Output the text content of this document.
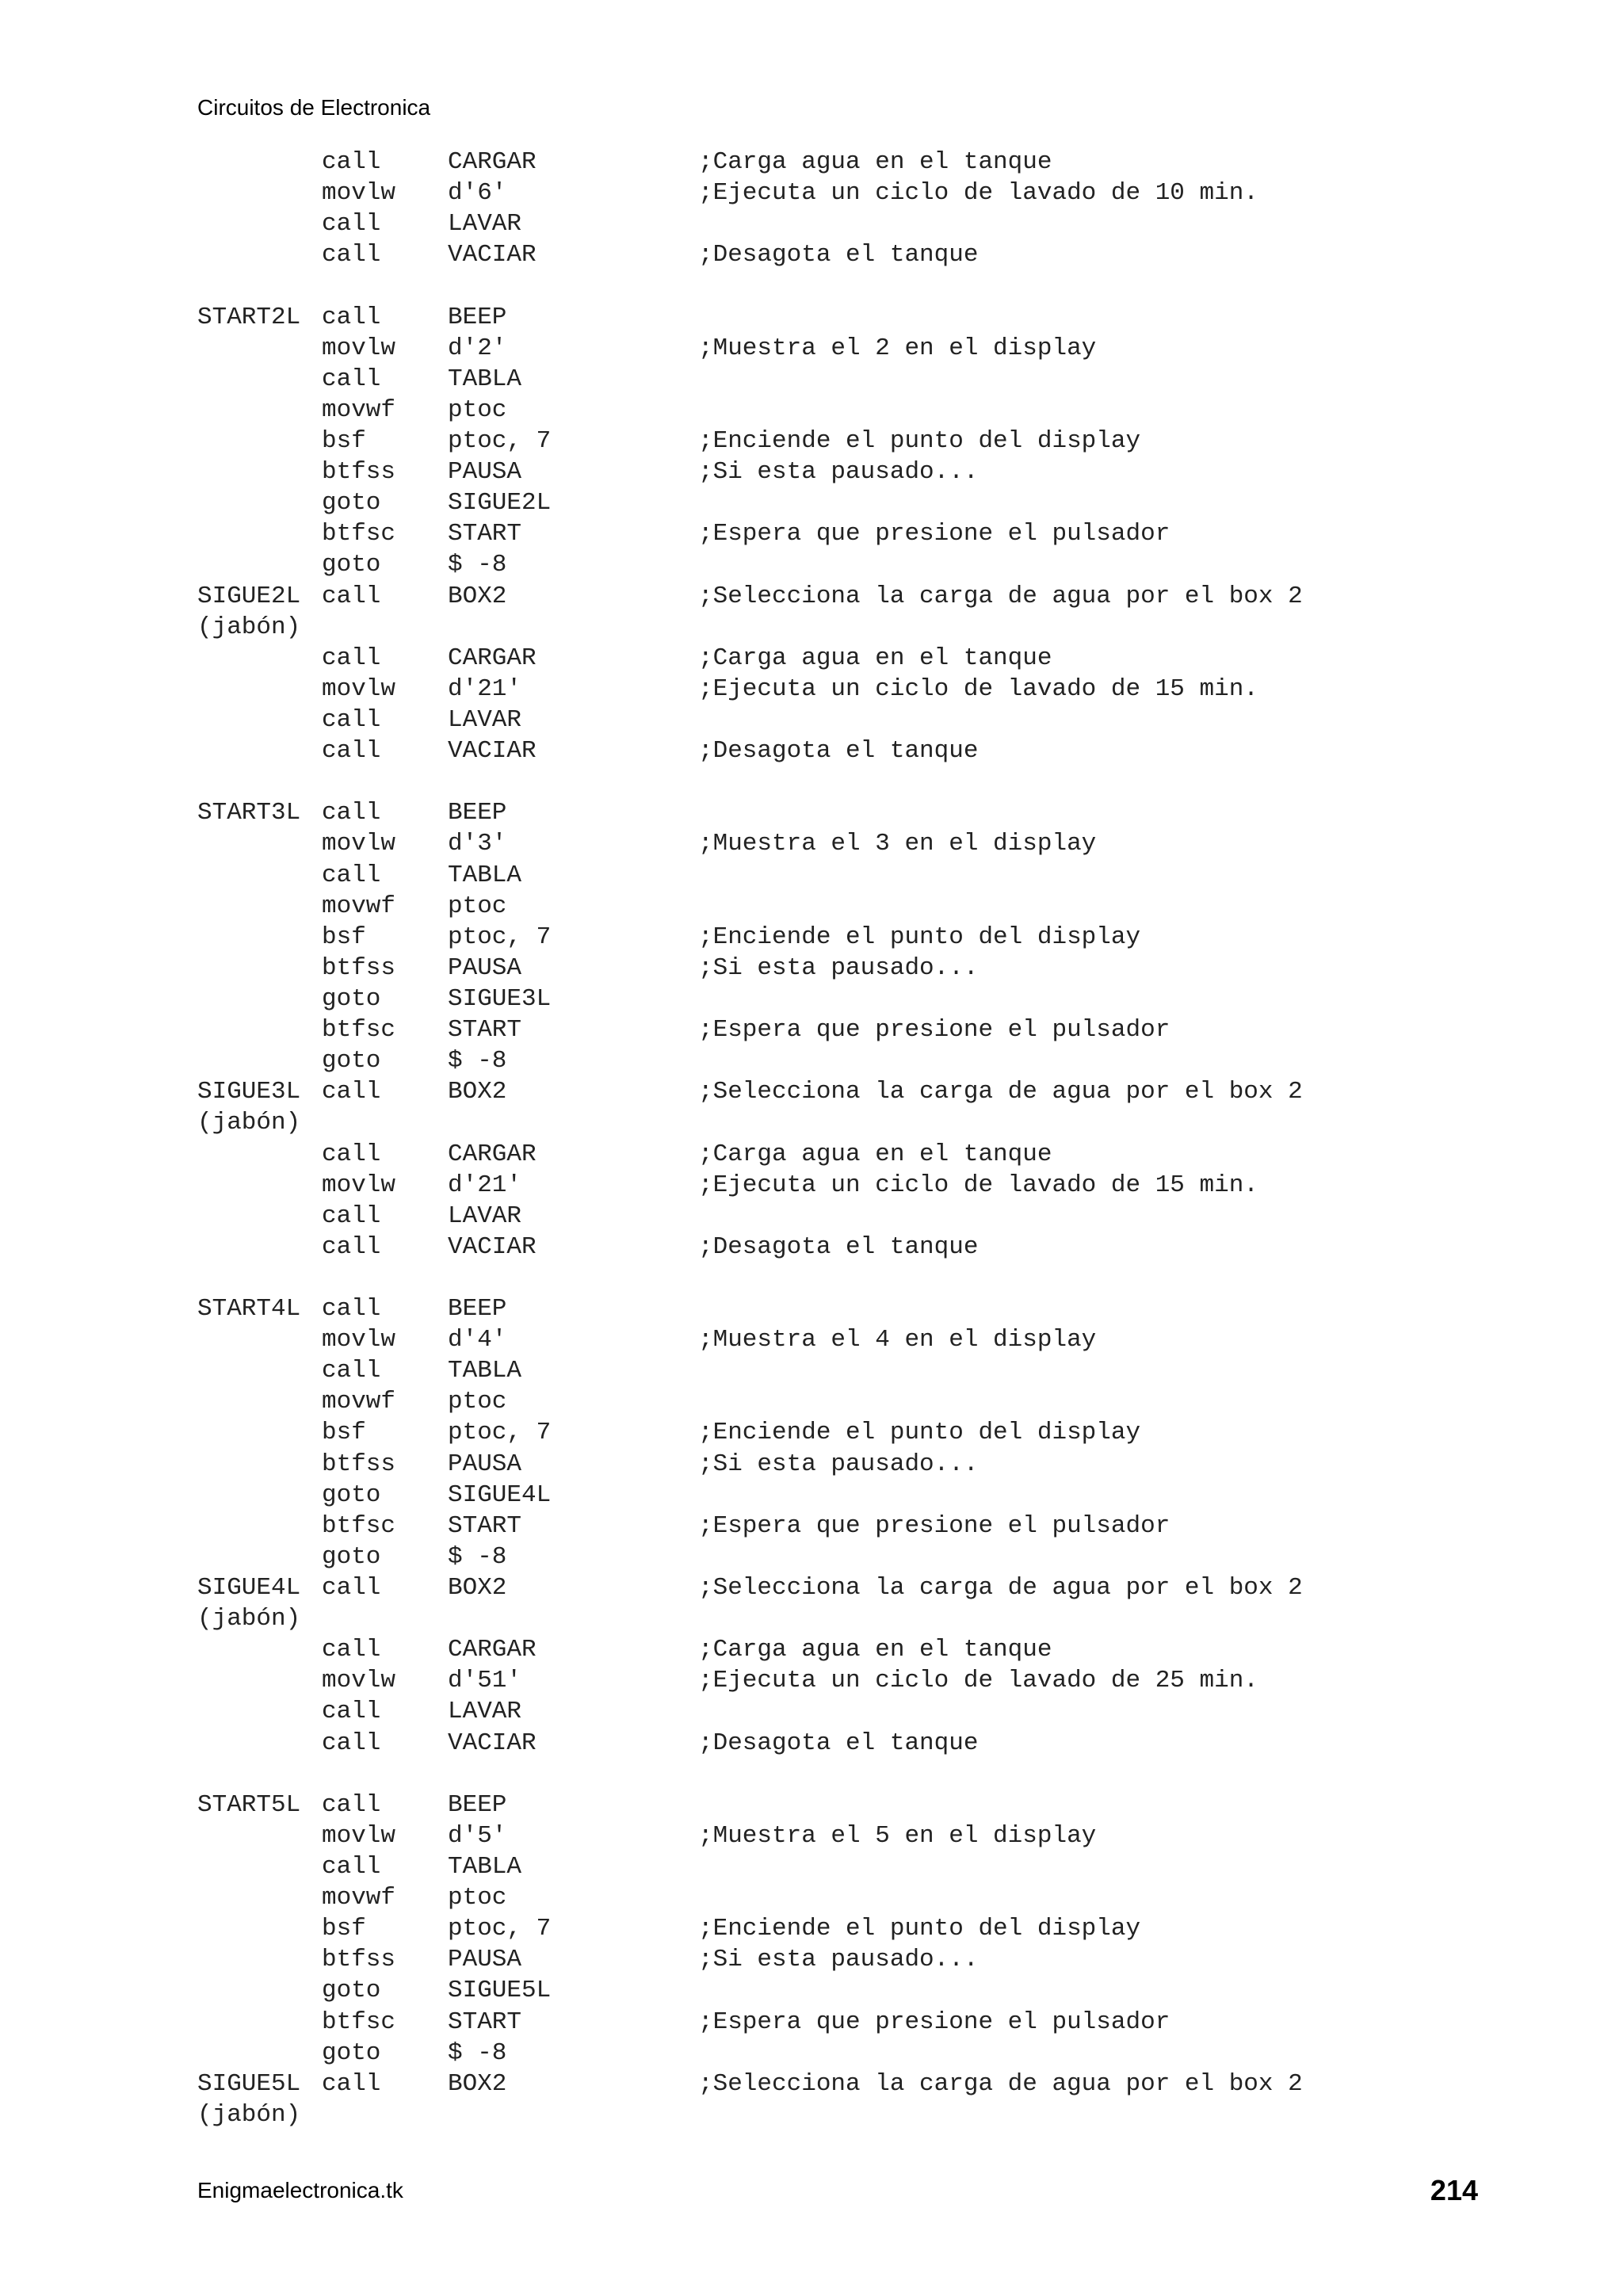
Circuitos de Electronica
call	CARGAR	;Carga agua en el tanque
movlw d'6'	;Ejecuta un ciclo de lavado de 10 min.
call	LAVAR
call	VACIAR	;Desagota el tanque
START2L call	BEEP
movlw d'2'	;Muestra el 2 en el display
call	TABLA
movwf ptoc
bsf	ptoc, 7	;Enciende el punto del display
btfss PAUSA	;Si esta pausado...
goto	SIGUE2L
btfsc START	;Espera que presione el pulsador
goto	$ -8
SIGUE2L call	BOX2	;Selecciona la carga de agua por el box 2
(jabón)
call	CARGAR	;Carga agua en el tanque
movlw d'21'	;Ejecuta un ciclo de lavado de 15 min.
call	LAVAR
call	VACIAR	;Desagota el tanque
START3L call	BEEP
movlw d'3'	;Muestra el 3 en el display
call	TABLA
movwf ptoc
bsf	ptoc, 7	;Enciende el punto del display
btfss PAUSA	;Si esta pausado...
goto	SIGUE3L
btfsc START	;Espera que presione el pulsador
goto	$ -8
SIGUE3L call	BOX2	;Selecciona la carga de agua por el box 2
(jabón)
call	CARGAR	;Carga agua en el tanque
movlw d'21'	;Ejecuta un ciclo de lavado de 15 min.
call	LAVAR
call	VACIAR	;Desagota el tanque
START4L call	BEEP
movlw d'4'	;Muestra el 4 en el display
call	TABLA
movwf ptoc
bsf	ptoc, 7	;Enciende el punto del display
btfss PAUSA	;Si esta pausado...
goto	SIGUE4L
btfsc START	;Espera que presione el pulsador
goto	$ -8
SIGUE4L call	BOX2	;Selecciona la carga de agua por el box 2
(jabón)
call	CARGAR	;Carga agua en el tanque
movlw d'51'	;Ejecuta un ciclo de lavado de 25 min.
call	LAVAR
call	VACIAR	;Desagota el tanque
START5L call	BEEP
movlw d'5'	;Muestra el 5 en el display
call	TABLA
movwf ptoc
bsf	ptoc, 7	;Enciende el punto del display
btfss PAUSA	;Si esta pausado...
goto	SIGUE5L
btfsc START	;Espera que presione el pulsador
goto	$ -8
SIGUE5L call	BOX2	;Selecciona la carga de agua por el box 2
(jabón)
Enigmaelectronica.tk	214
